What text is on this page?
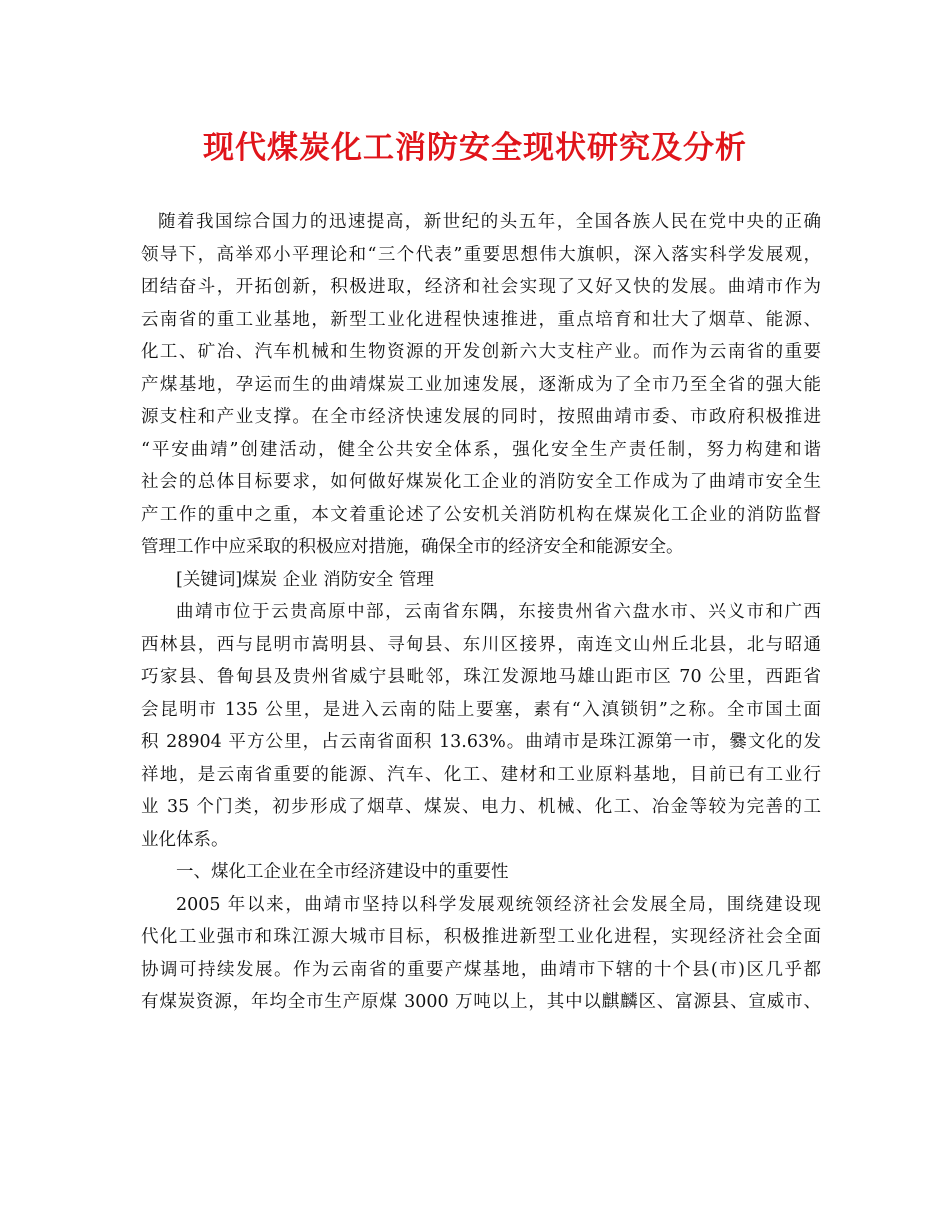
现代煤炭化工消防安全现状研究及分析
随着我国综合国力的迅速提高，新世纪的头五年，全国各族人民在党中央的正确
领导下，高举邓小平理论和“三个代表”重要思想伟大旗帜，深入落实科学发展观，
团结奋斗，开拓创新，积极进取，经济和社会实现了又好又快的发展。曲靖市作为
云南省的重工业基地，新型工业化进程快速推进，重点培育和壮大了烟草、能源、
化工、矿冶、汽车机械和生物资源的开发创新六大支柱产业。而作为云南省的重要
产煤基地，孕运而生的曲靖煤炭工业加速发展，逐渐成为了全市乃至全省的强大能
源支柱和产业支撑。在全市经济快速发展的同时，按照曲靖市委、市政府积极推进
“平安曲靖”创建活动，健全公共安全体系，强化安全生产责任制，努力构建和谐
社会的总体目标要求，如何做好煤炭化工企业的消防安全工作成为了曲靖市安全生
产工作的重中之重，本文着重论述了公安机关消防机构在煤炭化工企业的消防监督
管理工作中应采取的积极应对措施，确保全市的经济安全和能源安全。
[关键词]煤炭 企业 消防安全 管理
曲靖市位于云贵高原中部，云南省东隅，东接贵州省六盘水市、兴义市和广西
西林县，西与昆明市嵩明县、寻甸县、东川区接界，南连文山州丘北县，北与昭通
巧家县、鲁甸县及贵州省威宁县毗邻，珠江发源地马雄山距市区 70 公里，西距省
会昆明市 135 公里，是进入云南的陆上要塞，素有“入滇锁钥”之称。全市国土面
积 28904 平方公里，占云南省面积 13.63%。曲靖市是珠江源第一市，爨文化的发
祥地，是云南省重要的能源、汽车、化工、建材和工业原料基地，目前已有工业行
业 35 个门类，初步形成了烟草、煤炭、电力、机械、化工、冶金等较为完善的工
业化体系。
一、煤化工企业在全市经济建设中的重要性
2005 年以来，曲靖市坚持以科学发展观统领经济社会发展全局，围绕建设现
代化工业强市和珠江源大城市目标，积极推进新型工业化进程，实现经济社会全面
协调可持续发展。作为云南省的重要产煤基地，曲靖市下辖的十个县(市)区几乎都
有煤炭资源，年均全市生产原煤 3000 万吨以上，其中以麒麟区、富源县、宣威市、
